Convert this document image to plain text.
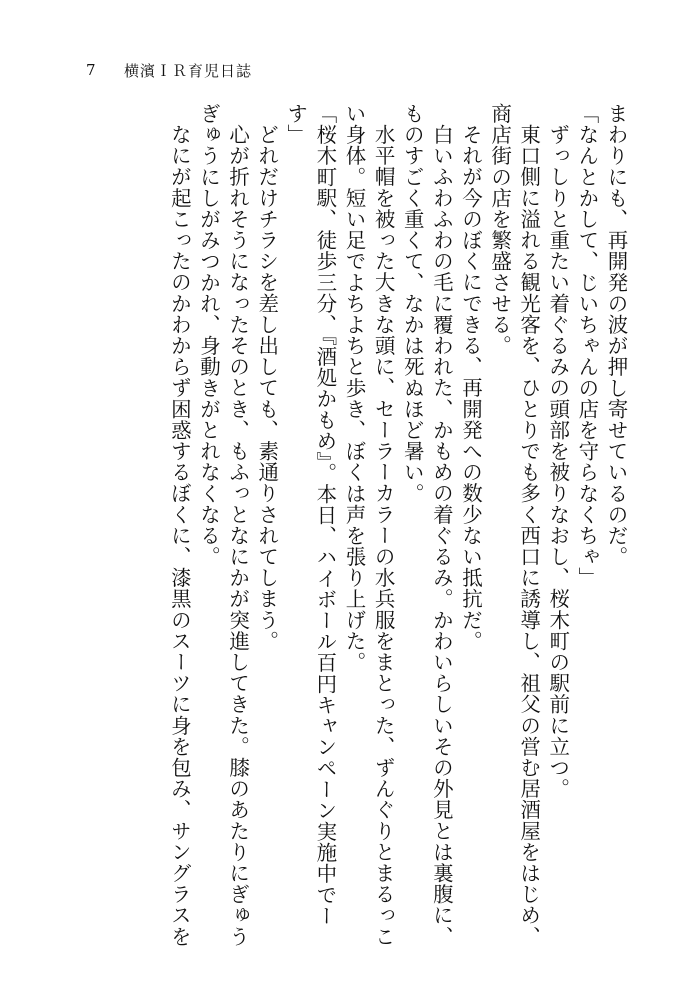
7	横濱ＩＲ育児日誌

まわりにも、再開発の波が押し寄せているのだ。

「なんとかして、じいちゃんの店を守らなくちゃ」

ずっしりと重たい着ぐるみの頭部を被りなおし、桜木町の駅前に立つ。

東口側に溢れる観光客を、ひとりでも多く西口に誘導し、祖父の営む居酒屋をはじめ、商店街の店を繁盛させる。

それが今のぼくにできる、再開発への数少ない抵抗だ。

白いふわふわの毛に覆われた、かもめの着ぐるみ。かわいらしいその外見とは裏腹に、ものすごく重くて、なかは死ぬほど暑い。

水平帽を被った大きな頭に、セーラーカラーの水兵服をまとった、ずんぐりとまるっこい身体。短い足でよちよちと歩き、ぼくは声を張り上げた。

「桜木町駅、徒歩三分、『酒処かもめ』。本日、ハイボール百円キャンペーン実施中でーす」

どれだけチラシを差し出しても、素通りされてしまう。

心が折れそうになったそのとき、もふっとなにかが突進してきた。膝のあたりにぎゅうぎゅうにしがみつかれ、身動きがとれなくなる。

なにが起こったのかわからず困惑するぼくに、漆黒のスーツに身を包み、サングラスを
